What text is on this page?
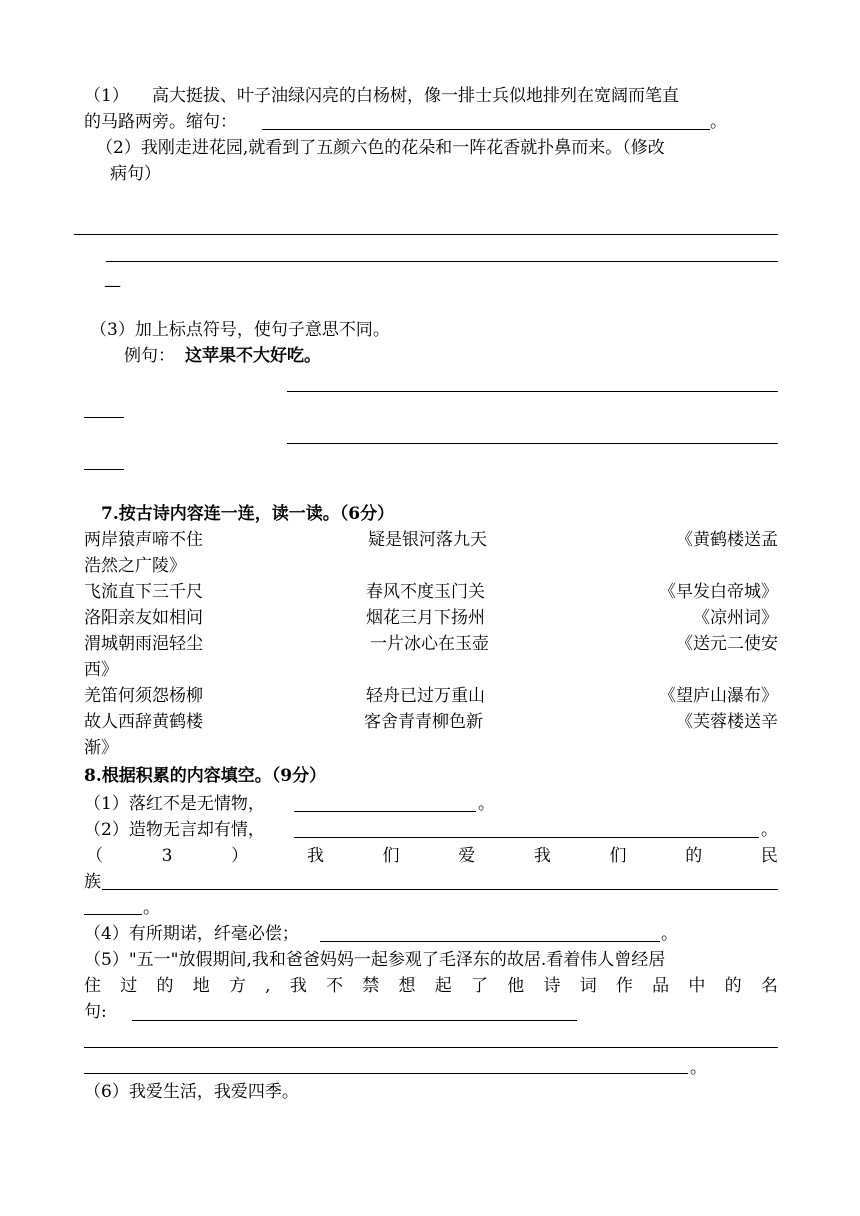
（1） 高大挺拔、叶子油绿闪亮的白杨树，像一排士兵似地排列在宽阔而笔直
的马路两旁。缩句：	。
（2）我刚走进花园,就看到了五颜六色的花朵和一阵花香就扑鼻而来。（修改
病句）
—
（3）加上标点符号，使句子意思不同。
例句： 这苹果不大好吃。
7.按古诗内容连一连，读一读。（6分）
两岸猿声啼不住	疑是银河落九天	《黄鹤楼送孟
浩然之广陵》
飞流直下三千尺	春风不度玉门关	《早发白帝城》
洛阳亲友如相问	烟花三月下扬州	《凉州词》
渭城朝雨浥轻尘	一片冰心在玉壶	《送元二使安
西》
羌笛何须怨杨柳	轻舟已过万重山	《望庐山瀑布》
故人西辞黄鹤楼	客舍青青柳色新	《芙蓉楼送辛
渐》
8.根据积累的内容填空。（9分）
（1）落红不是无情物，	。
（2）造物无言却有情，	。
（	3	）	我	们	爱	我	们	的	民
族
。
（4）有所期诺，纤毫必偿；	。
（5）"五一"放假期间,我和爸爸妈妈一起参观了毛泽东的故居.看着伟人曾经居
住 过 的 地 方 , 我 不 禁 想 起 了 他 诗 词 作 品 中 的 名
句:
。
（6）我爱生活，我爱四季。
